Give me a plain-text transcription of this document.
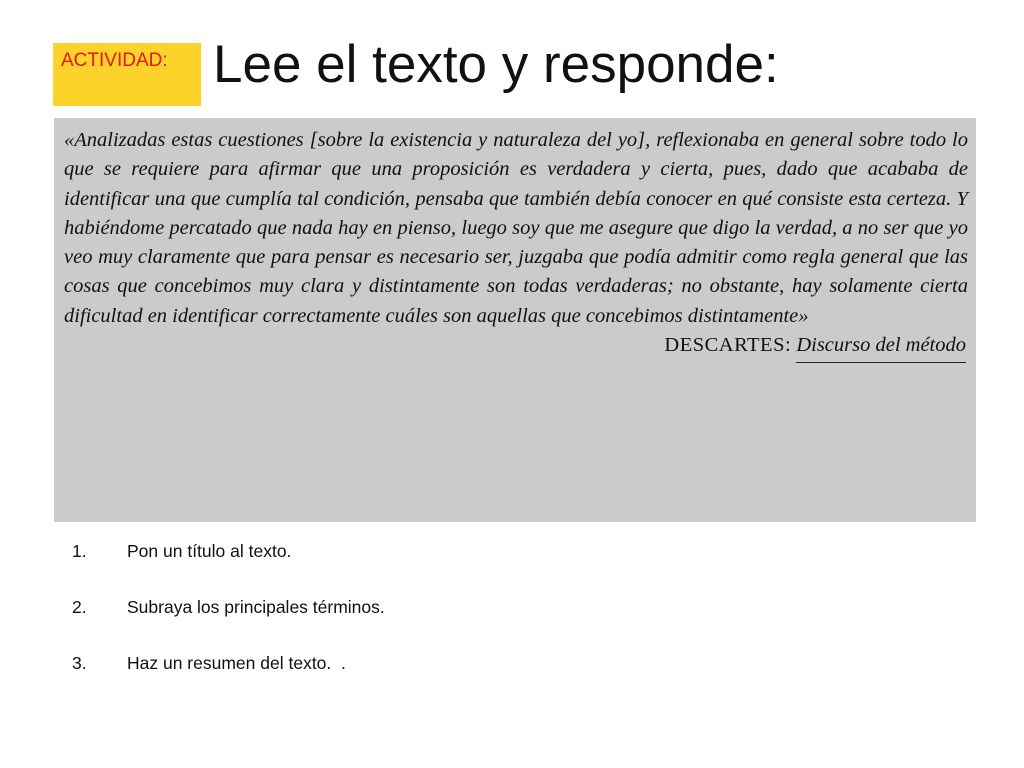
ACTIVIDAD: Lee el texto y responde:

«Analizadas estas cuestiones [sobre la existencia y naturaleza del yo], reflexionaba en general sobre todo lo que se requiere para afirmar que una proposición es verdadera y cierta, pues, dado que acababa de identificar una que cumplía tal condición, pensaba que también debía conocer en qué consiste esta certeza. Y habiéndome percatado que nada hay en pienso, luego soy que me asegure que digo la verdad, a no ser que yo veo muy claramente que para pensar es necesario ser, juzgaba que podía admitir como regla general que las cosas que concebimos muy clara y distintamente son todas verdaderas; no obstante, hay solamente cierta dificultad en identificar correctamente cuáles son aquellas que concebimos distintamente»

DESCARTES: Discurso del método
1. Pon un título al texto.
2. Subraya los principales términos.
3. Haz un resumen del texto.  .
